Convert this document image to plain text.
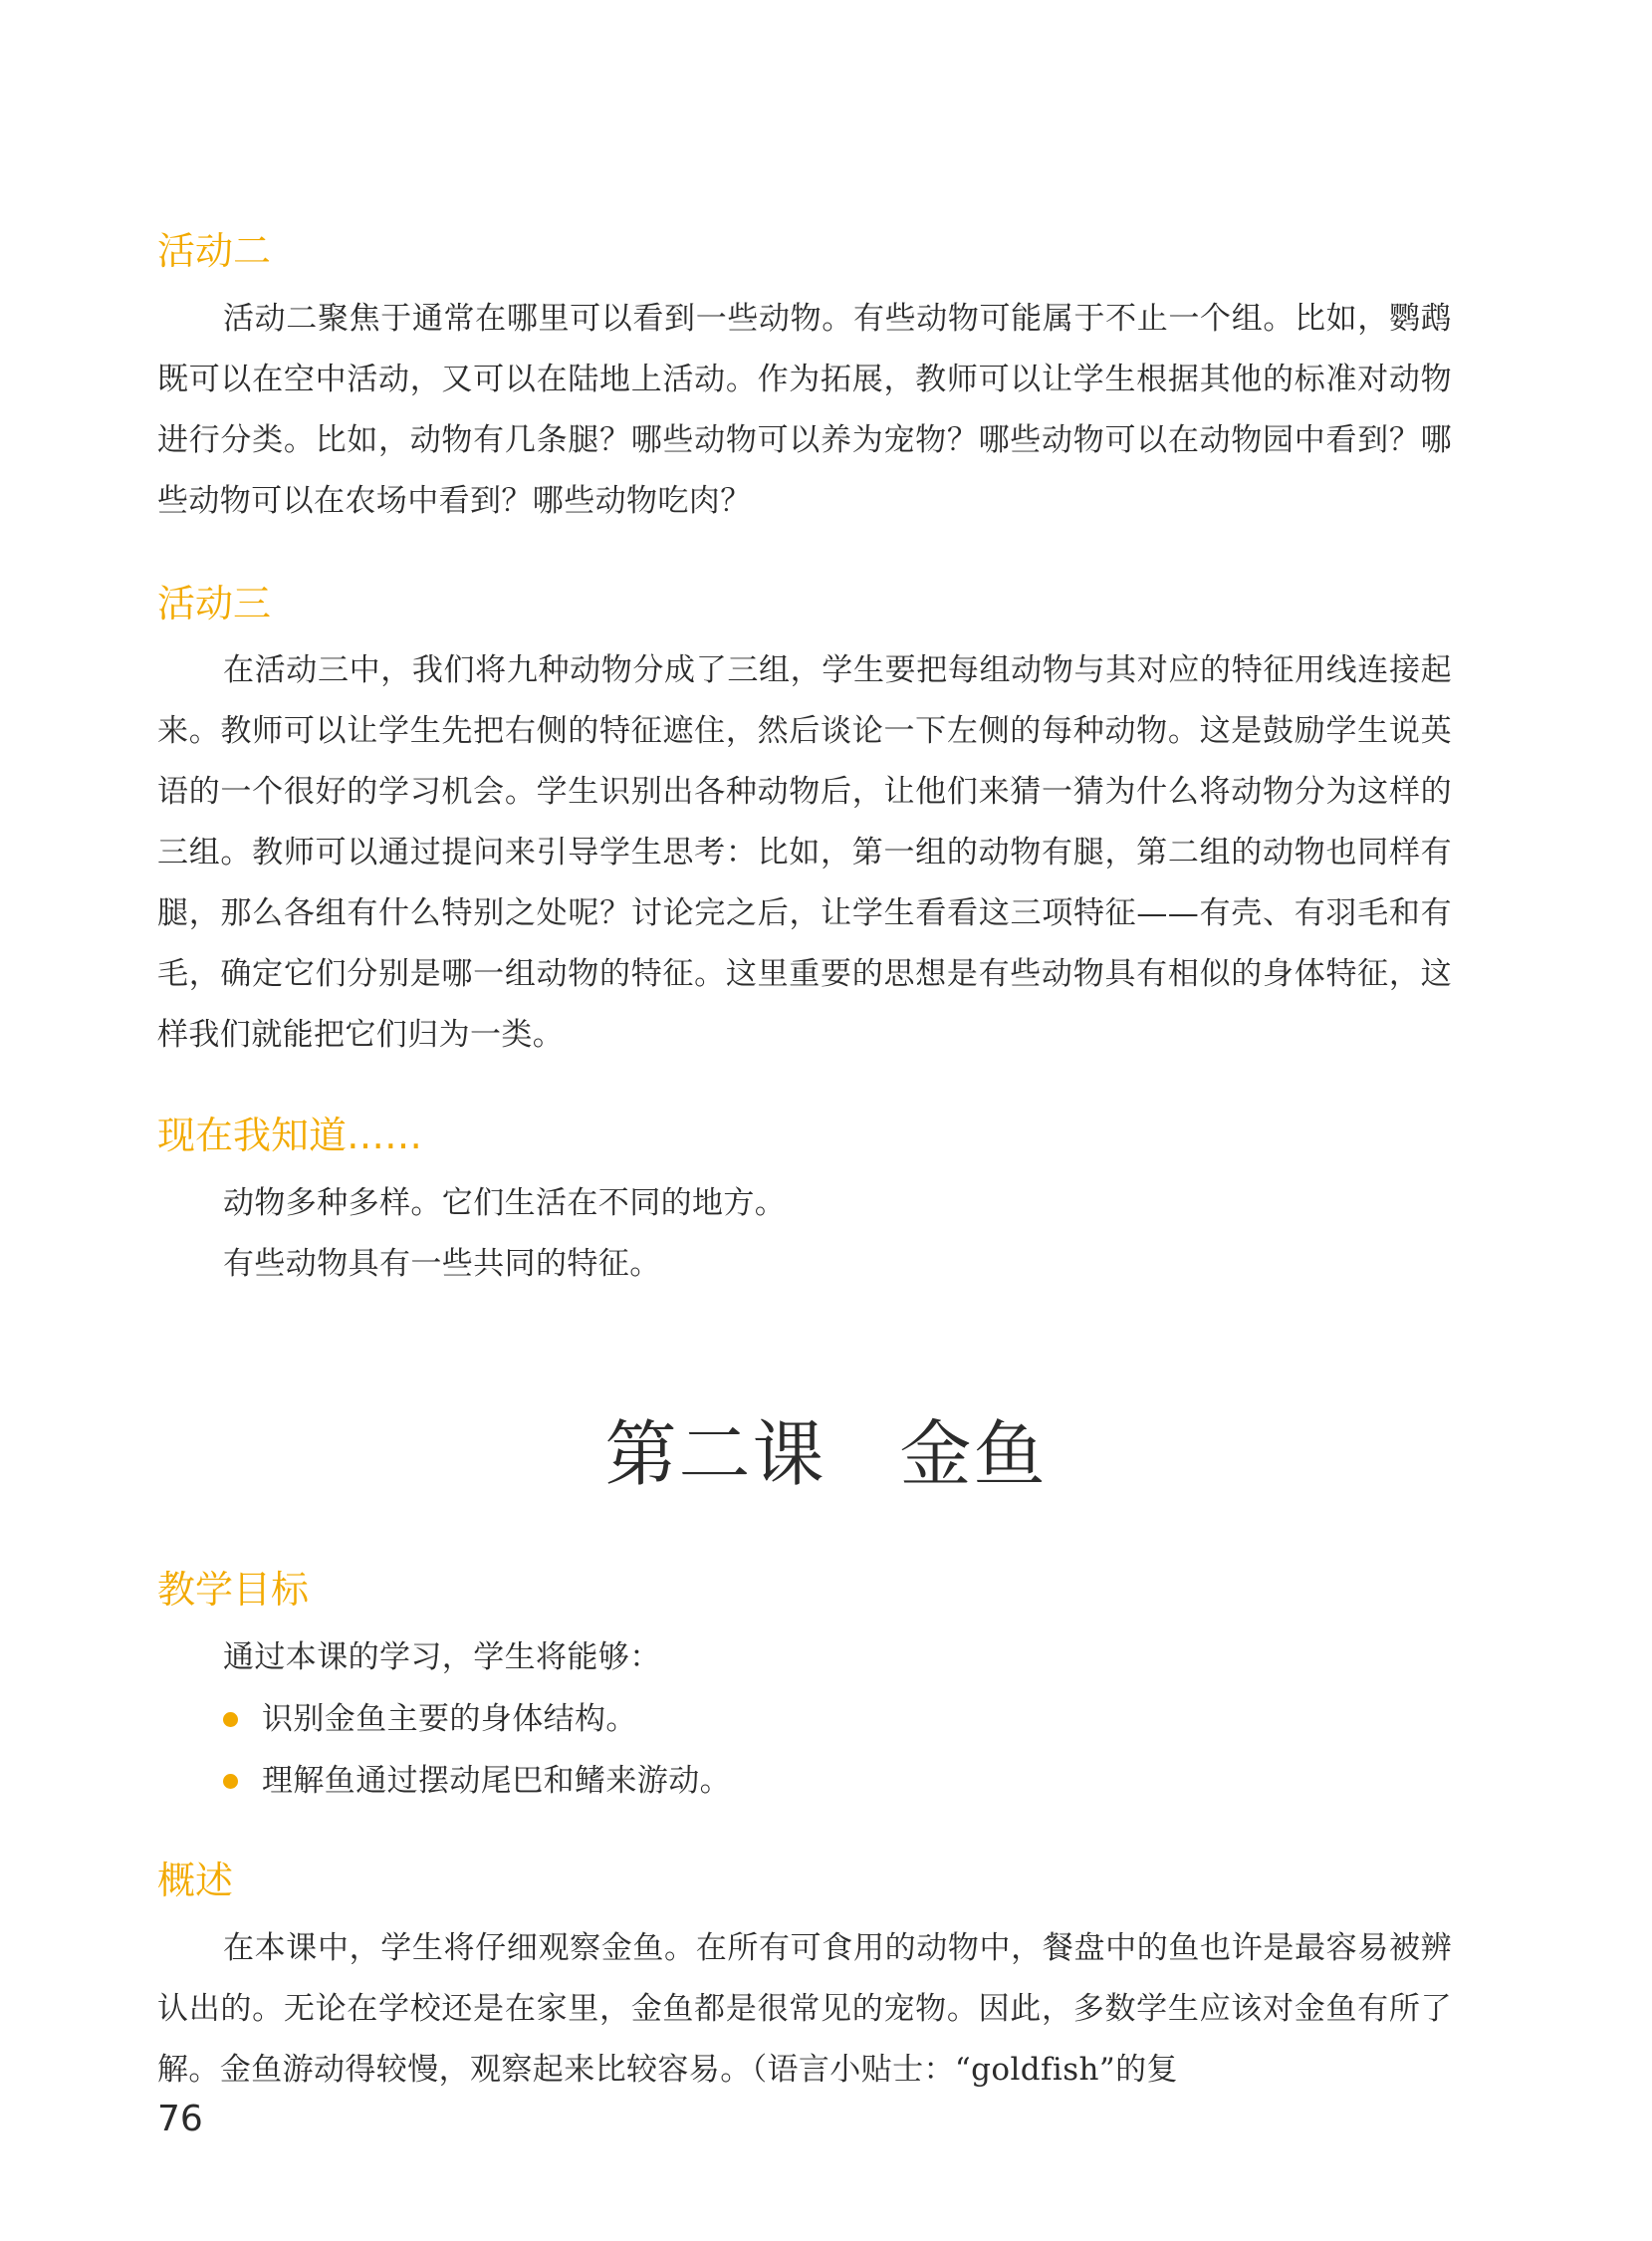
活动二

活动二聚焦于通常在哪里可以看到一些动物。有些动物可能属于不止一个组。比如，鹦鹉既可以在空中活动，又可以在陆地上活动。作为拓展，教师可以让学生根据其他的标准对动物进行分类。比如，动物有几条腿？哪些动物可以养为宠物？哪些动物可以在动物园中看到？哪些动物可以在农场中看到？哪些动物吃肉？

活动三

在活动三中，我们将九种动物分成了三组，学生要把每组动物与其对应的特征用线连接起来。教师可以让学生先把右侧的特征遮住，然后谈论一下左侧的每种动物。这是鼓励学生说英语的一个很好的学习机会。学生识别出各种动物后，让他们来猜一猜为什么将动物分为这样的三组。教师可以通过提问来引导学生思考：比如，第一组的动物有腿，第二组的动物也同样有腿，那么各组有什么特别之处呢？讨论完之后，让学生看看这三项特征——有壳、有羽毛和有毛，确定它们分别是哪一组动物的特征。这里重要的思想是有些动物具有相似的身体特征，这样我们就能把它们归为一类。

现在我知道……

动物多种多样。它们生活在不同的地方。

有些动物具有一些共同的特征。

第二课　金鱼
教学目标

通过本课的学习，学生将能够：

识别金鱼主要的身体结构。
理解鱼通过摆动尾巴和鳍来游动。
概述

在本课中，学生将仔细观察金鱼。在所有可食用的动物中，餐盘中的鱼也许是最容易被辨认出的。无论在学校还是在家里，金鱼都是很常见的宠物。因此，多数学生应该对金鱼有所了解。金鱼游动得较慢，观察起来比较容易。（语言小贴士：“goldfish”的复

76
